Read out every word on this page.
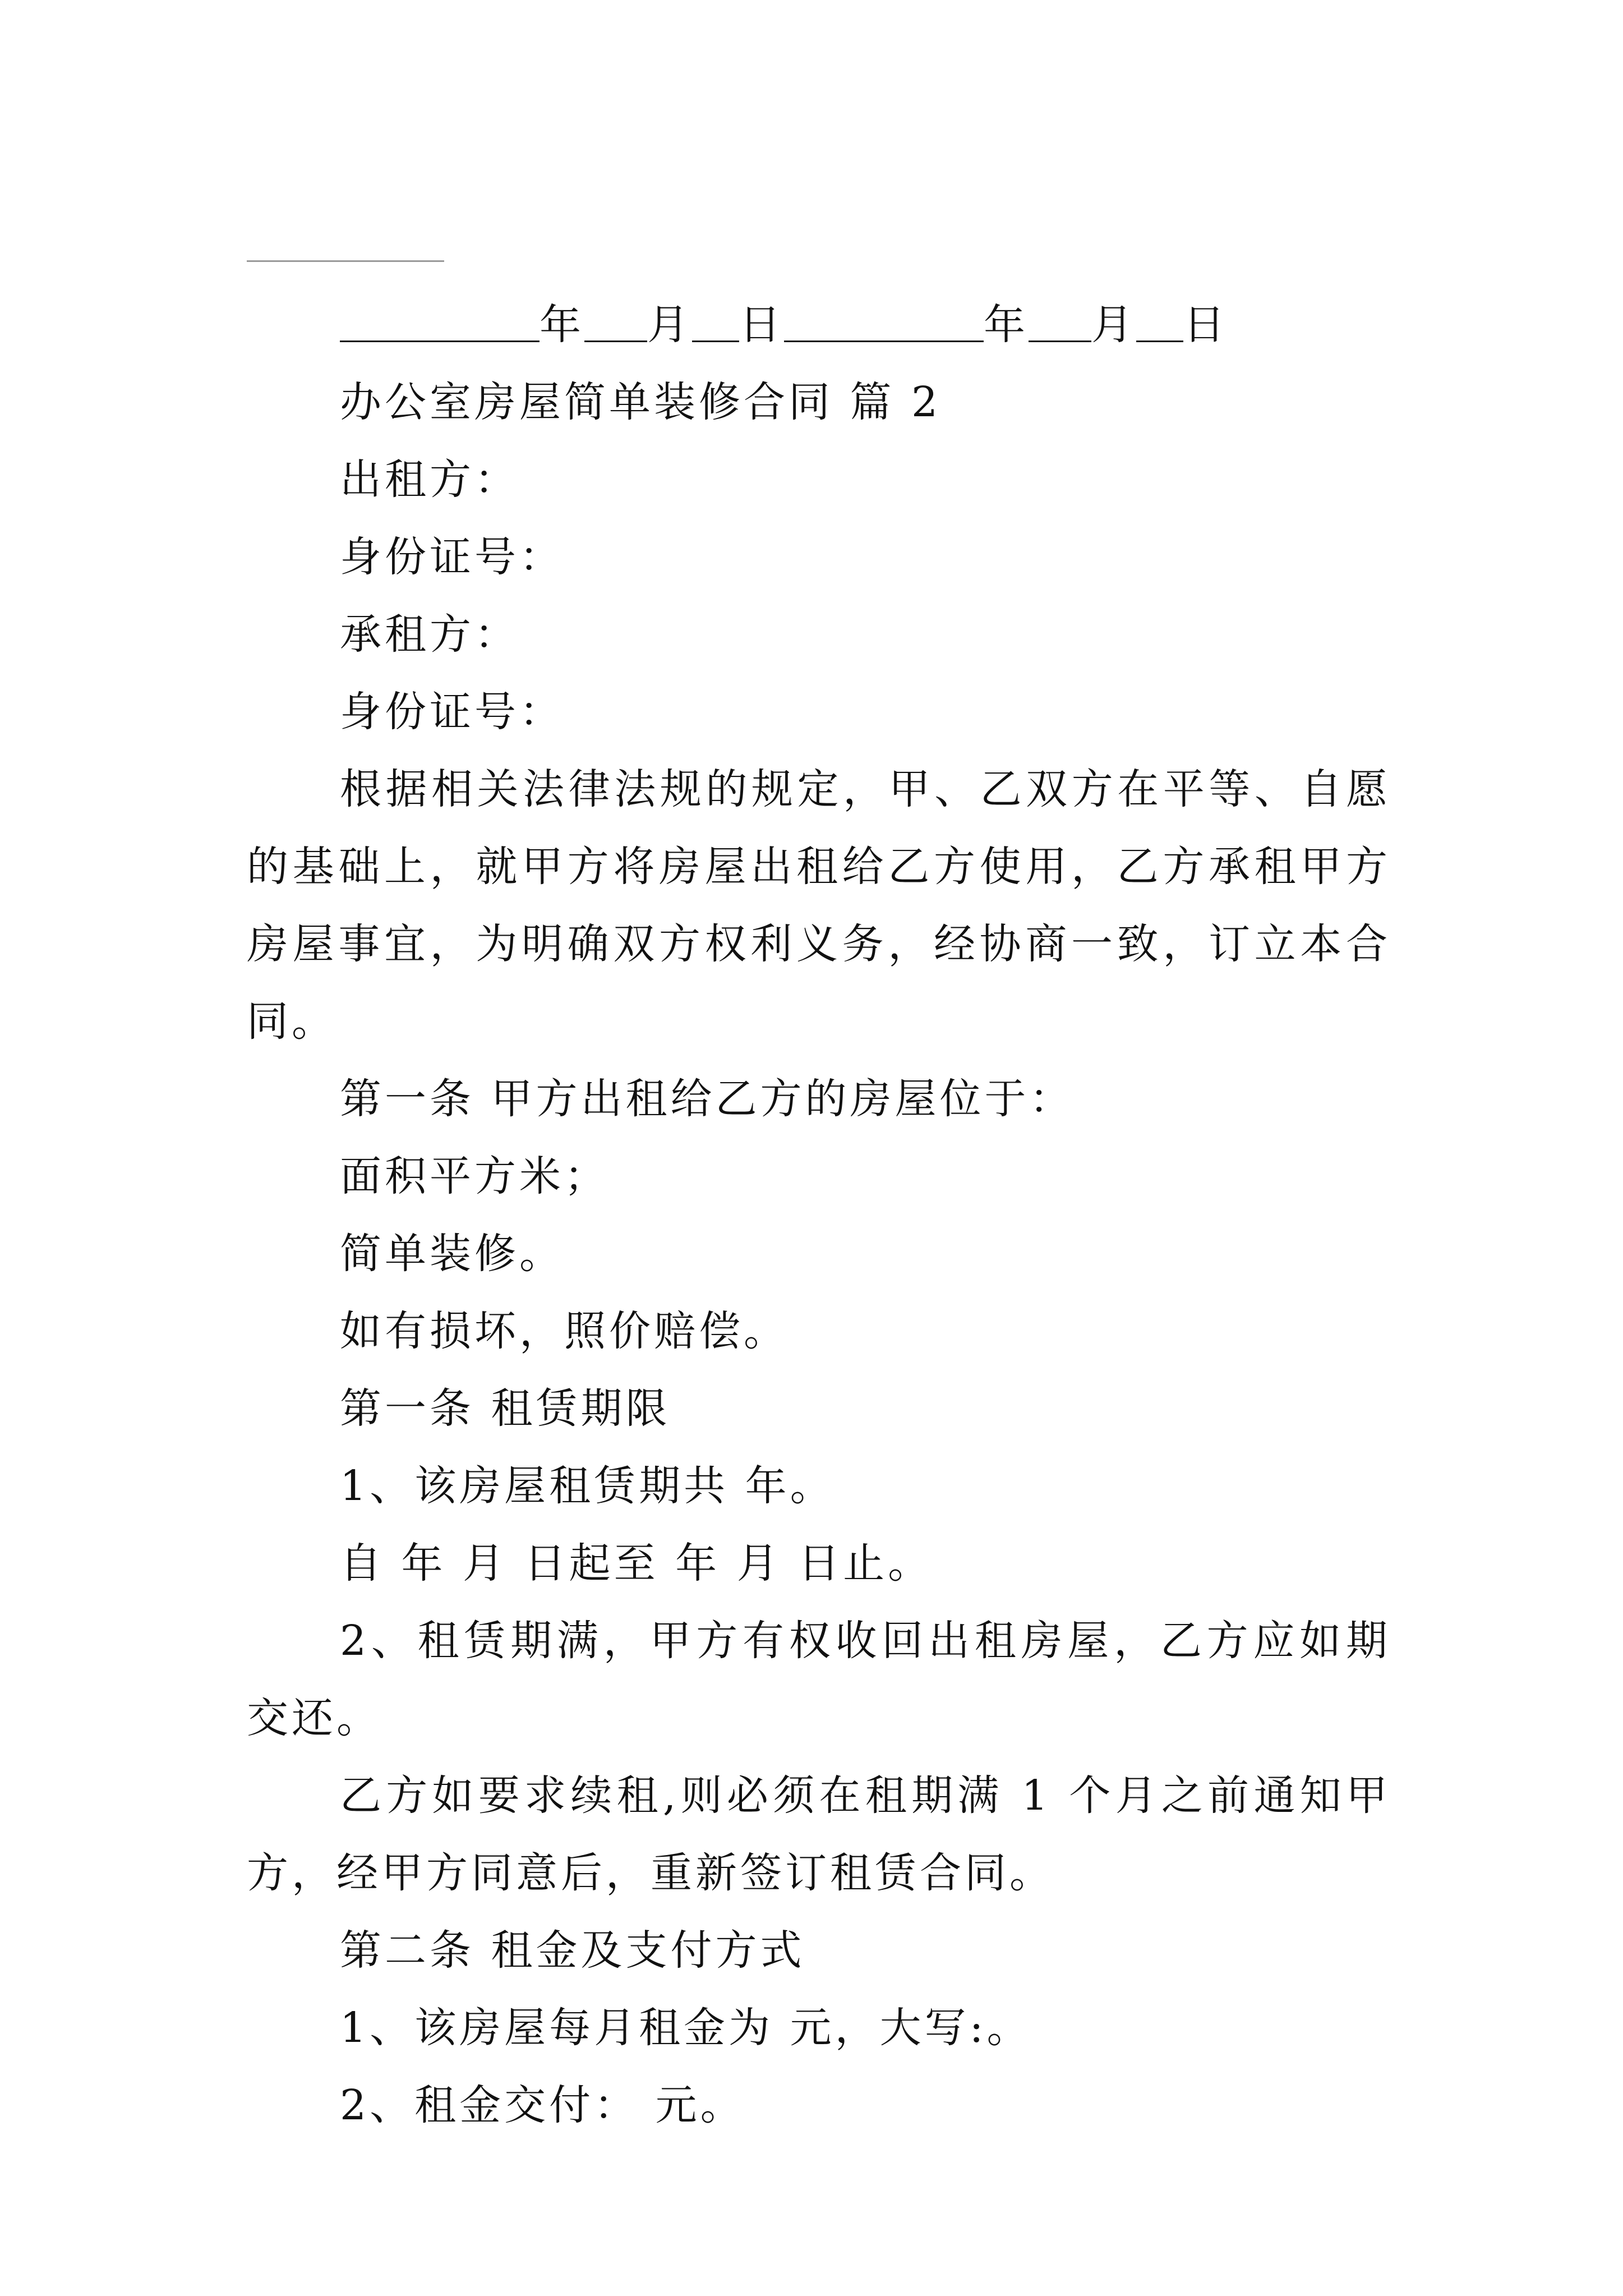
年 月 日	年 月 日

办公室房屋简单装修合同 篇 2

出租方：

身份证号：

承租方：

身份证号：

根据相关法律法规的规定，甲、乙双方在平等、自愿的基础上，就甲方将房屋出租给乙方使用，乙方承租甲方房屋事宜，为明确双方权利义务，经协商一致，订立本合同。

第一条 甲方出租给乙方的房屋位于：

面积平方米；

简单装修。

如有损坏，照价赔偿。

第一条 租赁期限

1、该房屋租赁期共 年。

自 年 月 日起至 年 月 日止。

2、租赁期满，甲方有权收回出租房屋，乙方应如期交还。

乙方如要求续租,则必须在租期满 1 个月之前通知甲方，经甲方同意后，重新签订租赁合同。

第二条 租金及支付方式

1、该房屋每月租金为 元，大写:。

2、租金交付： 元。
